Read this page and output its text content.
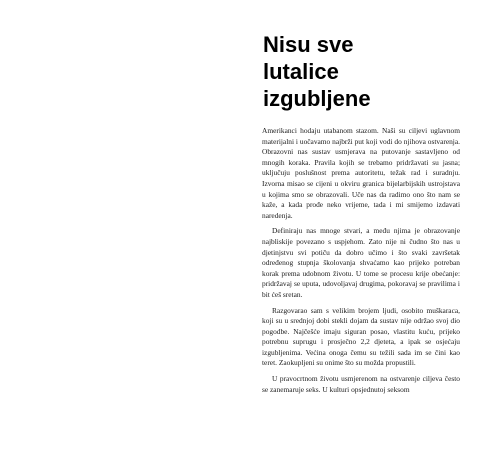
Nisu sve
lutalice
izgubljene

Amerikanci hodaju utabanom stazom. Naši su ciljevi uglavnom materijalni i uočavamo najbrži put koji vodi do njihova ostvarenja. Obrazovni nas sustav usmjerava na putovanje sastavljeno od mnogih koraka. Pravila kojih se trebamo pridržavati su jasna; uključuju poslušnost prema autoritetu, težak rad i suradnju. Izvorna misao se cijeni u okviru granica bijelarbijskih ustrojstava u kojima smo se obrazovali. Uče nas da radimo ono što nam se kaže, a kada prođe neko vrijeme, tada i mi smijemo izdavati naredenja.

Definiraju nas mnoge stvari, a među njima je obrazovanje najbliskije povezano s uspjehom. Zato nije ni čudno što nas u djetinjstvu svi potiču da dobro učimo i što svaki završetak određenog stupnja školovanja shvaćamo kao prijeko potreban korak prema udobnom životu. U tome se procesu krije obećanje: pridržavaj se uputa, udovoljavaj drugima, pokoravaj se pravilima i bit ćeš sretan.

Razgovarao sam s velikim brojem ljudi, osobito muškaraca, koji su u srednjoj dobi stekli dojam da sustav nije održao svoj dio pogodbe. Najčešće imaju siguran posao, vlastitu kuću, prijeko potrebnu suprugu i prosječno 2,2 djeteta, a ipak se osjećaju izgubljenima. Većina onoga čemu su težili sada im se čini kao teret. Zaokupljeni su onime što su možda propustili.

U pravocrtnom životu usmjerenom na ostvarenje ciljeva često se zanemaruje seks. U kulturi opsjednutoj seksom
